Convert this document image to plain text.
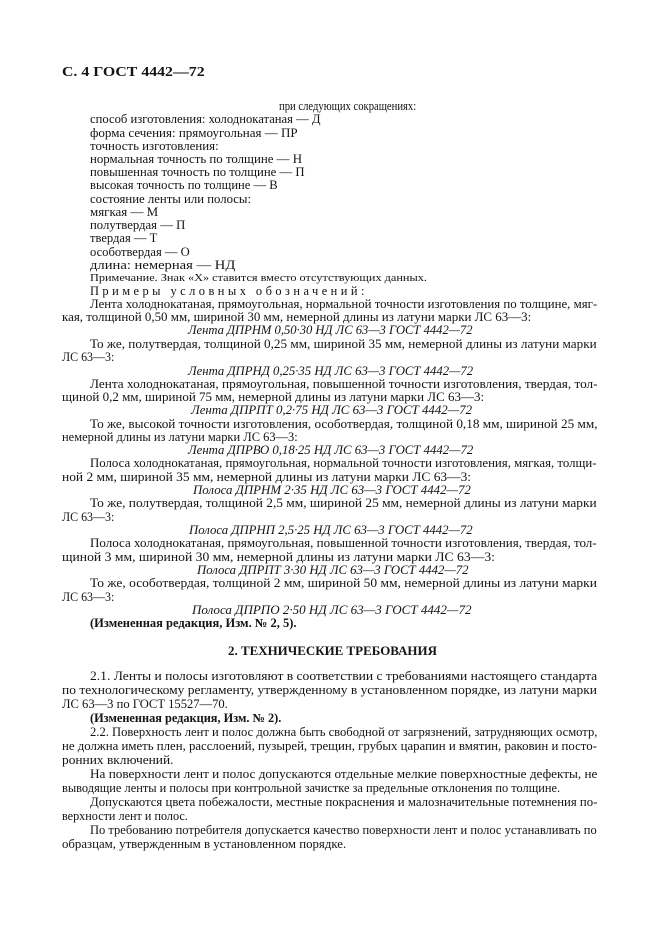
С. 4 ГОСТ 4442—72
при следующих сокращениях:
способ изготовления: холоднокатаная — Д
форма сечения: прямоугольная — ПР
точность изготовления:
нормальная точность по толщине — Н
повышенная точность по толщине — П
высокая точность по толщине — В
состояние ленты или полосы:
мягкая — М
полутвердая — П
твердая — Т
особотвердая — О
длина: немерная — НД
Примечание. Знак «Х» ставится вместо отсутствующих данных.
Примеры условных обозначений:
Лента холоднокатаная, прямоугольная, нормальной точности изготовления по толщине, мяг-
кая, толщиной 0,50 мм, шириной 30 мм, немерной длины из латуни марки ЛС 63—3:
Лента ДПРНМ 0,50·30 НД ЛС 63—3 ГОСТ 4442—72
То же, полутвердая, толщиной 0,25 мм, шириной 35 мм, немерной длины из латуни марки
ЛС 63—3:
Лента ДПРНД 0,25·35 НД ЛС 63—3 ГОСТ 4442—72
Лента холоднокатаная, прямоугольная, повышенной точности изготовления, твердая, тол-
щиной 0,2 мм, шириной 75 мм, немерной длины из латуни марки ЛС 63—3:
Лента ДПРПТ 0,2·75 НД ЛС 63—3 ГОСТ 4442—72
То же, высокой точности изготовления, особотвердая, толщиной 0,18 мм, шириной 25 мм,
немерной длины из латуни марки ЛС 63—3:
Лента ДПРВО 0,18·25 НД ЛС 63—3 ГОСТ 4442—72
Полоса холоднокатаная, прямоугольная, нормальной точности изготовления, мягкая, толщи-
ной 2 мм, шириной 35 мм, немерной длины из латуни марки ЛС 63—3:
Полоса ДПРНМ 2·35 НД ЛС 63—3 ГОСТ 4442—72
То же, полутвердая, толщиной 2,5 мм, шириной 25 мм, немерной длины из латуни марки
ЛС 63—3:
Полоса ДПРНП 2,5·25 НД ЛС 63—3 ГОСТ 4442—72
Полоса холоднокатаная, прямоугольная, повышенной точности изготовления, твердая, тол-
щиной 3 мм, шириной 30 мм, немерной длины из латуни марки ЛС 63—3:
Полоса ДПРПТ 3·30 НД ЛС 63—3 ГОСТ 4442—72
То же, особотвердая, толщиной 2 мм, шириной 50 мм, немерной длины из латуни марки
ЛС 63—3:
Полоса ДПРПО 2·50 НД ЛС 63—3 ГОСТ 4442—72
(Измененная редакция, Изм. № 2, 5).
2. ТЕХНИЧЕСКИЕ ТРЕБОВАНИЯ
2.1. Ленты и полосы изготовляют в соответствии с требованиями настоящего стандарта
по технологическому регламенту, утвержденному в установленном порядке, из латуни марки
ЛС 63—3 по ГОСТ 15527—70.
(Измененная редакция, Изм. № 2).
2.2. Поверхность лент и полос должна быть свободной от загрязнений, затрудняющих осмотр,
не должна иметь плен, расслоений, пузырей, трещин, грубых царапин и вмятин, раковин и посто-
ронних включений.
На поверхности лент и полос допускаются отдельные мелкие поверхностные дефекты, не
выводящие ленты и полосы при контрольной зачистке за предельные отклонения по толщине.
Допускаются цвета побежалости, местные покраснения и малозначительные потемнения по-
верхности лент и полос.
По требованию потребителя допускается качество поверхности лент и полос устанавливать по
образцам, утвержденным в установленном порядке.
